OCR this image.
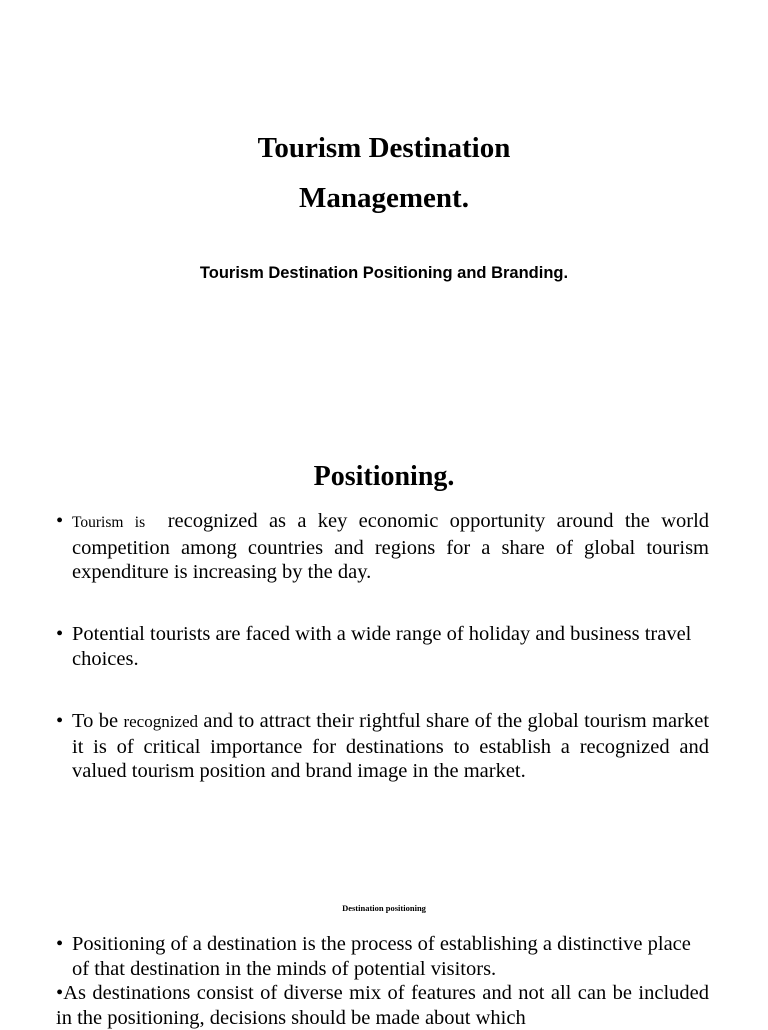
Tourism Destination
Management.
Tourism Destination Positioning and Branding.
Positioning.
• Tourism is recognized as a key economic opportunity around the world competition among countries and regions for a share of global tourism expenditure is increasing by the day.
• Potential tourists are faced with a wide range of holiday and business travel choices.
• To be recognized and to attract their rightful share of the global tourism market it is of critical importance for destinations to establish a recognized and valued tourism position and brand image in the market.
Destination positioning
• Positioning of a destination is the process of establishing a distinctive place of that destination in the minds of potential visitors.
•As destinations consist of diverse mix of features and not all can be included in the positioning, decisions should be made about which
